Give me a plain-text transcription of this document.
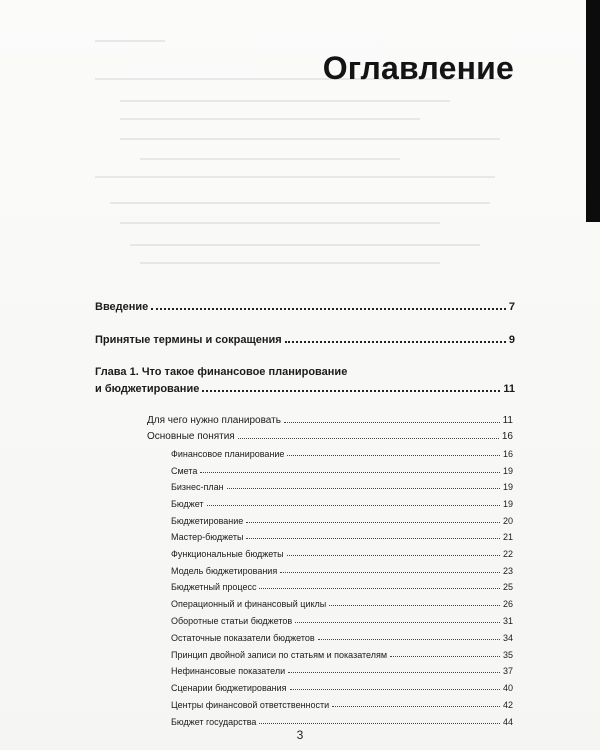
Оглавление
Введение	7
Принятые термины и сокращения	9
Глава 1. Что такое финансовое планирование
и бюджетирование	11
Для чего нужно планировать	11
Основные понятия	16
Финансовое планирование	16
Смета	19
Бизнес-план	19
Бюджет	19
Бюджетирование	20
Мастер-бюджеты	21
Функциональные бюджеты	22
Модель бюджетирования	23
Бюджетный процесс	25
Операционный и финансовый циклы	26
Оборотные статьи бюджетов	31
Остаточные показатели бюджетов	34
Принцип двойной записи по статьям и показателям	35
Нефинансовые показатели	37
Сценарии бюджетирования	40
Центры финансовой ответственности	42
Бюджет государства	44
3
